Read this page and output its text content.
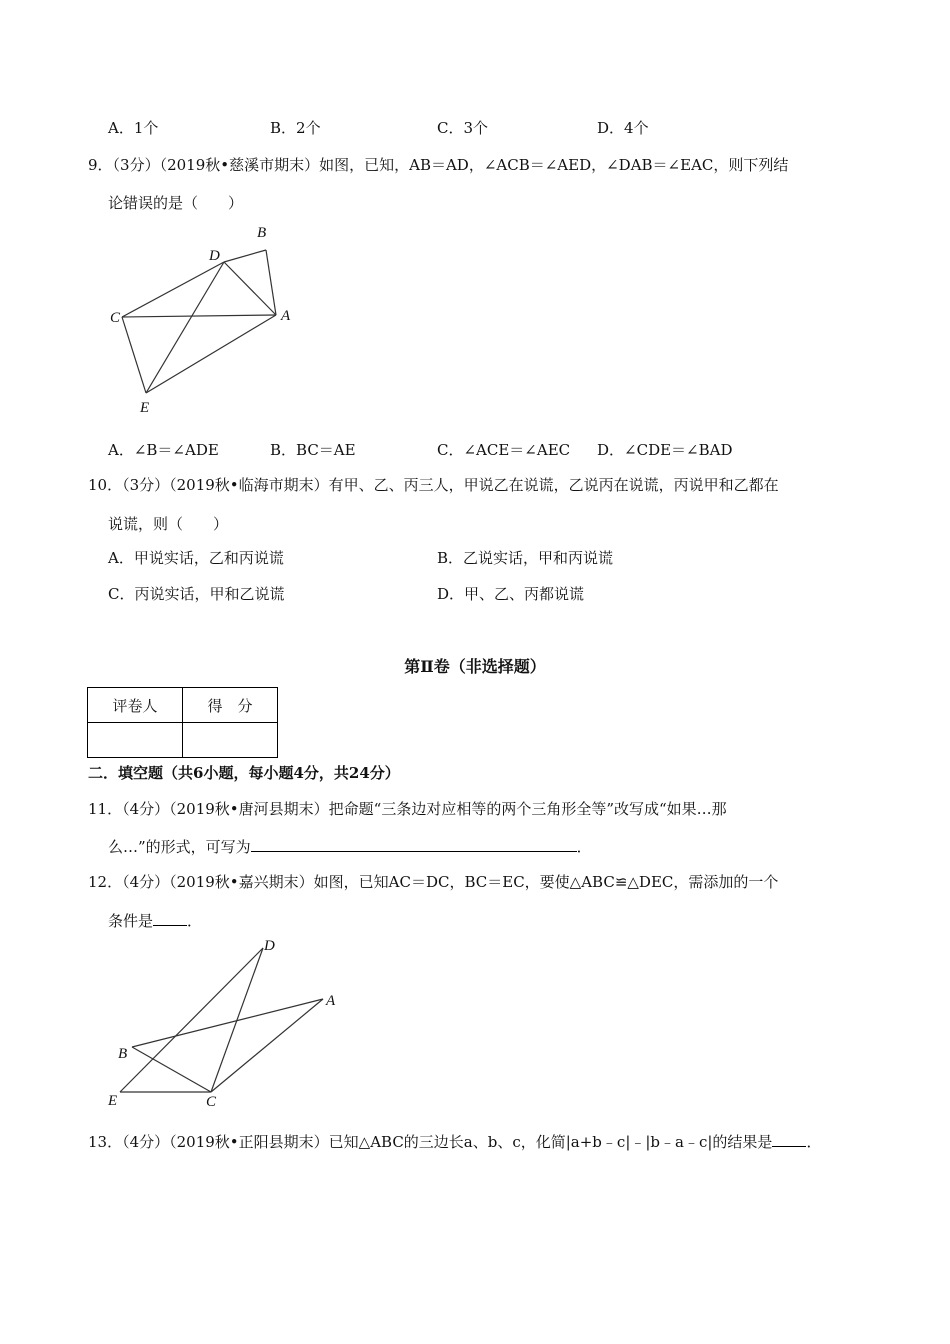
A．1个	B．2个	C．3个	D．4个
9．（3分）（2019秋•慈溪市期末）如图，已知，AB＝AD，∠ACB＝∠AED，∠DAB＝∠EAC，则下列结
论错误的是（　　）
B
D
C	A
E
A．∠B＝∠ADE	B．BC＝AE	C．∠ACE＝∠AEC D．∠CDE＝∠BAD
10．（3分）（2019秋•临海市期末）有甲、乙、丙三人，甲说乙在说谎，乙说丙在说谎，丙说甲和乙都在
说谎，则（　　）
A．甲说实话，乙和丙说谎	B．乙说实话，甲和丙说谎
C．丙说实话，甲和乙说谎	D．甲、乙、丙都说谎
第Ⅱ卷（非选择题）
评卷人	得　分

二．填空题（共6小题，每小题4分，共24分）
11．（4分）（2019秋•唐河县期末）把命题“三条边对应相等的两个三角形全等”改写成“如果…那
么…”的形式，可写为	．
12．（4分）（2019秋•嘉兴期末）如图，已知AC＝DC，BC＝EC，要使△ABC≌△DEC，需添加的一个
条件是 ．
D
A
B
E	C
13．（4分）（2019秋•正阳县期末）已知△ABC的三边长a、b、c，化简|a+b﹣c|﹣|b﹣a﹣c|的结果是 ．
